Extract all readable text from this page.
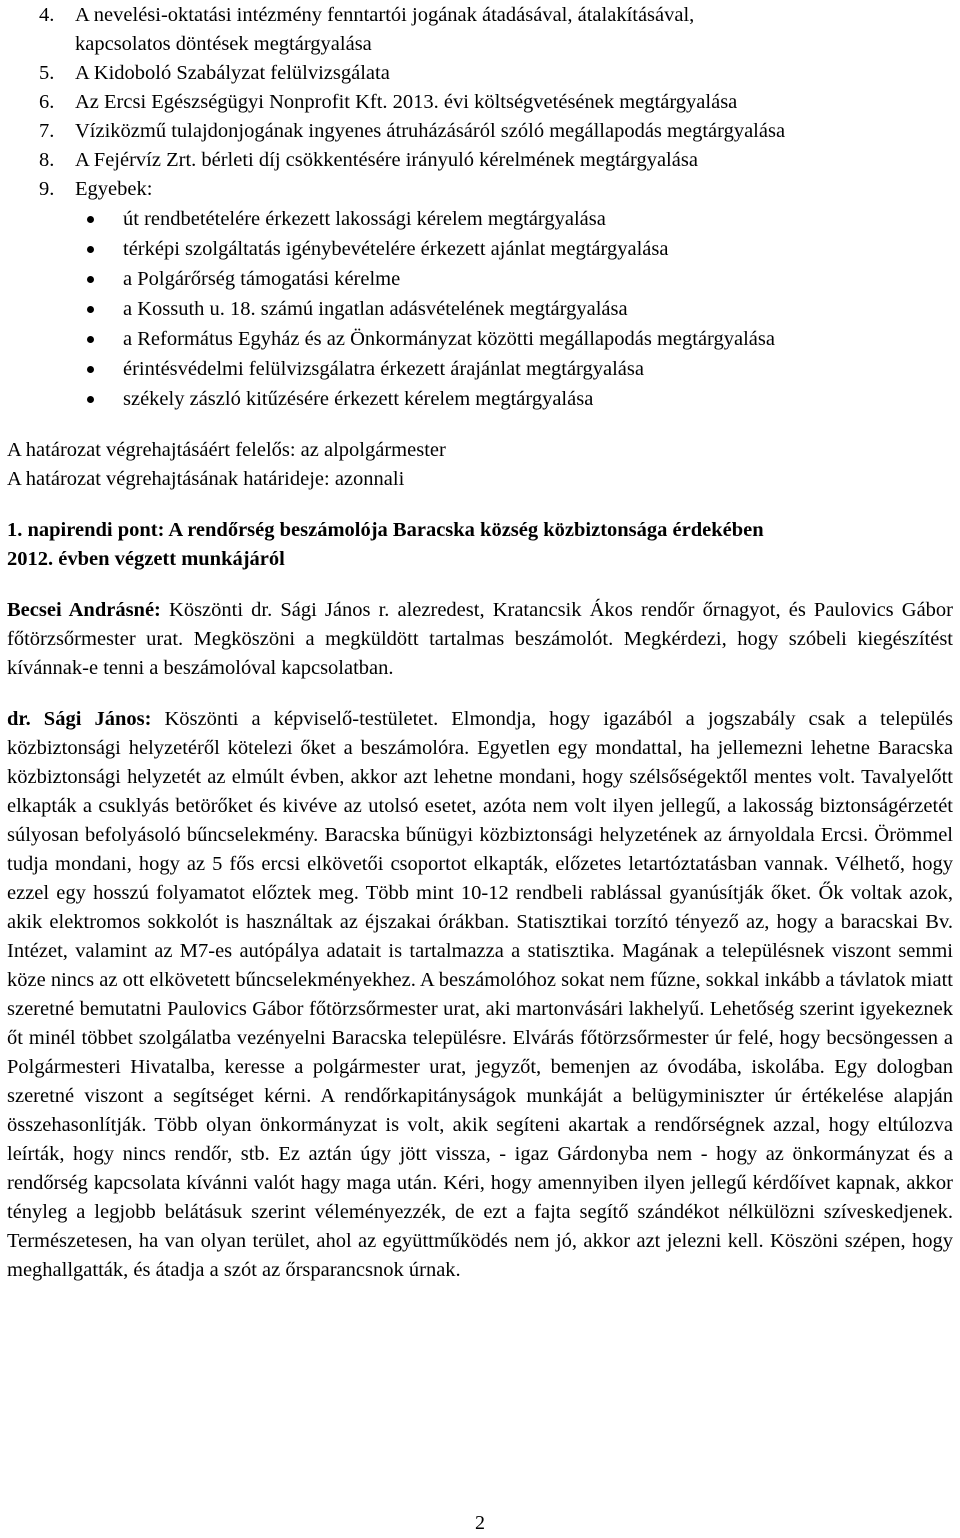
4.	A nevelési-oktatási intézmény fenntartói jogának átadásával, átalakításával,
kapcsolatos döntések megtárgyalása
5.	A Kidoboló Szabályzat felülvizsgálata
6.	Az Ercsi Egészségügyi Nonprofit Kft. 2013. évi költségvetésének megtárgyalása
7.	Víziközmű tulajdonjogának ingyenes átruházásáról szóló megállapodás megtárgyalása
8.	A Fejérvíz Zrt. bérleti díj csökkentésére irányuló kérelmének megtárgyalása
9.	Egyebek:
út rendbetételére érkezett lakossági kérelem megtárgyalása
térképi szolgáltatás igénybevételére érkezett ajánlat megtárgyalása
a Polgárőrség támogatási kérelme
a Kossuth u. 18. számú ingatlan adásvételének megtárgyalása
a Református Egyház és az Önkormányzat közötti megállapodás megtárgyalása
érintésvédelmi felülvizsgálatra érkezett árajánlat megtárgyalása
székely zászló kitűzésére érkezett kérelem megtárgyalása
A határozat végrehajtásáért felelős: az alpolgármester
A határozat végrehajtásának határideje: azonnali
1. napirendi pont: A rendőrség beszámolója Baracska község közbiztonsága érdekében
2012. évben végzett munkájáról

Becsei Andrásné: Köszönti dr. Sági János r. alezredest, Kratancsik Ákos rendőr őrnagyot, és Paulovics Gábor főtörzsőrmester urat. Megköszöni a megküldött tartalmas beszámolót. Megkérdezi, hogy szóbeli kiegészítést kívánnak-e tenni a beszámolóval kapcsolatban.

dr. Sági János: Köszönti a képviselő-testületet. Elmondja, hogy igazából a jogszabály csak a település közbiztonsági helyzetéről kötelezi őket a beszámolóra. Egyetlen egy mondattal, ha jellemezni lehetne Baracska közbiztonsági helyzetét az elmúlt évben, akkor azt lehetne mondani, hogy szélsőségektől mentes volt. Tavalyelőtt elkapták a csuklyás betörőket és kivéve az utolsó esetet, azóta nem volt ilyen jellegű, a lakosság biztonságérzetét súlyosan befolyásoló bűncselekmény. Baracska bűnügyi közbiztonsági helyzetének az árnyoldala Ercsi. Örömmel tudja mondani, hogy az 5 fős ercsi elkövetői csoportot elkapták, előzetes letartóztatásban vannak. Vélhető, hogy ezzel egy hosszú folyamatot előztek meg. Több mint 10-12 rendbeli rablással gyanúsítják őket. Ők voltak azok, akik elektromos sokkolót is használtak az éjszakai órákban. Statisztikai torzító tényező az, hogy a baracskai Bv. Intézet, valamint az M7-es autópálya adatait is tartalmazza a statisztika. Magának a településnek viszont semmi köze nincs az ott elkövetett bűncselekményekhez. A beszámolóhoz sokat nem fűzne, sokkal inkább a távlatok miatt szeretné bemutatni Paulovics Gábor főtörzsőrmester urat, aki martonvásári lakhelyű. Lehetőség szerint igyekeznek őt minél többet szolgálatba vezényelni Baracska településre. Elvárás főtörzsőrmester úr felé, hogy becsöngessen a Polgármesteri Hivatalba, keresse a polgármester urat, jegyzőt, bemenjen az óvodába, iskolába. Egy dologban szeretné viszont a segítséget kérni. A rendőrkapitányságok munkáját a belügyminiszter úr értékelése alapján összehasonlítják. Több olyan önkormányzat is volt, akik segíteni akartak a rendőrségnek azzal, hogy eltúlozva leírták, hogy nincs rendőr, stb. Ez aztán úgy jött vissza, - igaz Gárdonyba nem - hogy az önkormányzat és a rendőrség kapcsolata kívánni valót hagy maga után. Kéri, hogy amennyiben ilyen jellegű kérdőívet kapnak, akkor tényleg a legjobb belátásuk szerint véleményezzék, de ezt a fajta segítő szándékot nélkülözni szíveskedjenek. Természetesen, ha van olyan terület, ahol az együttműködés nem jó, akkor azt jelezni kell. Köszöni szépen, hogy meghallgatták, és átadja a szót az őrsparancsnok úrnak.

2
